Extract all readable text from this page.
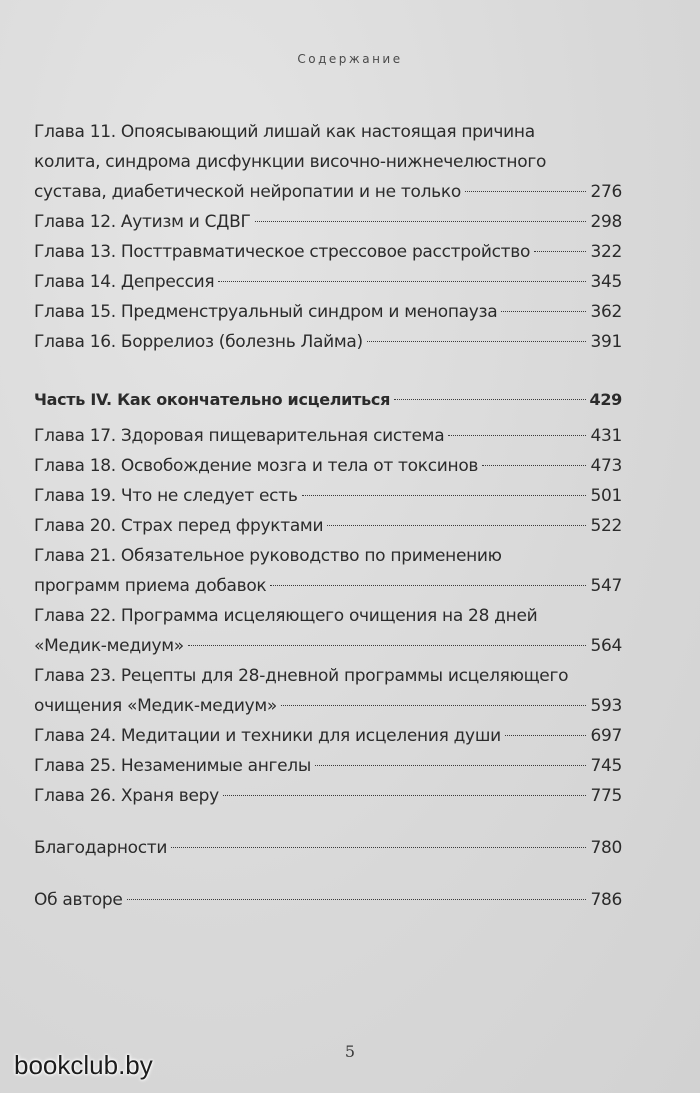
Содержание
Глава 11. Опоясывающий лишай как настоящая причина
колита, синдрома дисфункции височно-нижнечелюстного
сустава, диабетической нейропатии и не только	276
Глава 12. Аутизм и СДВГ	298
Глава 13. Посттравматическое стрессовое расстройство	322
Глава 14. Депрессия	345
Глава 15. Предменструальный синдром и менопауза	362
Глава 16. Боррелиоз (болезнь Лайма)	391
Часть IV. Как окончательно исцелиться	429
Глава 17. Здоровая пищеварительная система	431
Глава 18. Освобождение мозга и тела от токсинов	473
Глава 19. Что не следует есть	501
Глава 20. Страх перед фруктами	522
Глава 21. Обязательное руководство по применению
программ приема добавок	547
Глава 22. Программа исцеляющего очищения на 28 дней
«Медик-медиум»	564
Глава 23. Рецепты для 28-дневной программы исцеляющего
очищения «Медик-медиум»	593
Глава 24. Медитации и техники для исцеления души	697
Глава 25. Незаменимые ангелы	745
Глава 26. Храня веру	775
Благодарности	780
Об авторе	786
5
bookclub.by
